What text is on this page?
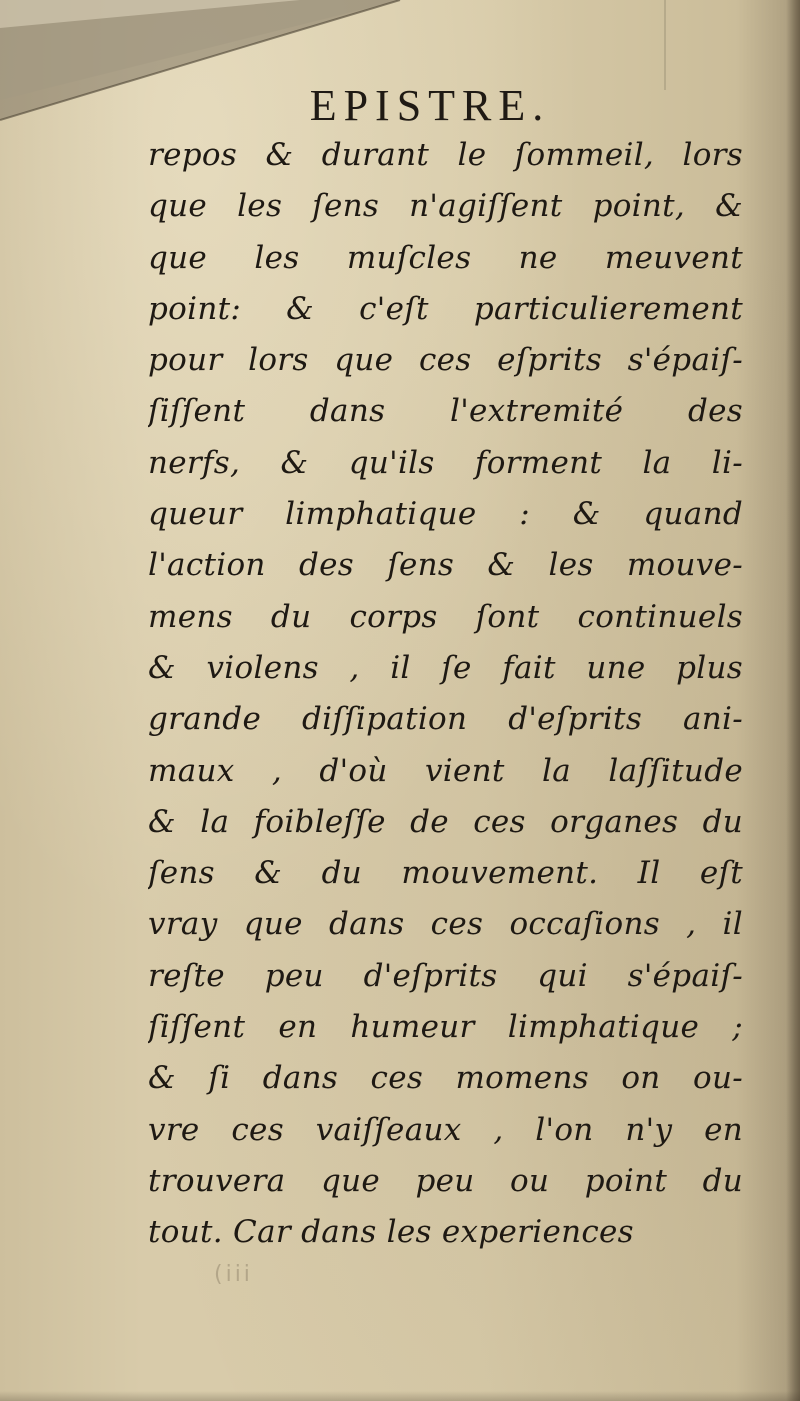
EPISTRE.
repos & durant le ſommeil, lors
que les ſens n'agiſſent point, &
que les muſcles ne meuvent
point: & c'eſt particulierement
pour lors que ces eſprits s'épaiſ-
ſiſſent dans l'extremité des
nerfs, & qu'ils forment la li-
queur limphatique : & quand
l'action des ſens & les mouve-
mens du corps ſont continuels
& violens , il ſe fait une plus
grande diſſipation d'eſprits ani-
maux , d'où vient la laſſitude
& la foibleſſe de ces organes du
ſens & du mouvement. Il eſt
vray que dans ces occaſions , il
reſte peu d'eſprits qui s'épaiſ-
ſiſſent en humeur limphatique ;
& ſi dans ces momens on ou-
vre ces vaiſſeaux , l'on n'y en
trouvera que peu ou point du
tout. Car dans les experiences
(iii
